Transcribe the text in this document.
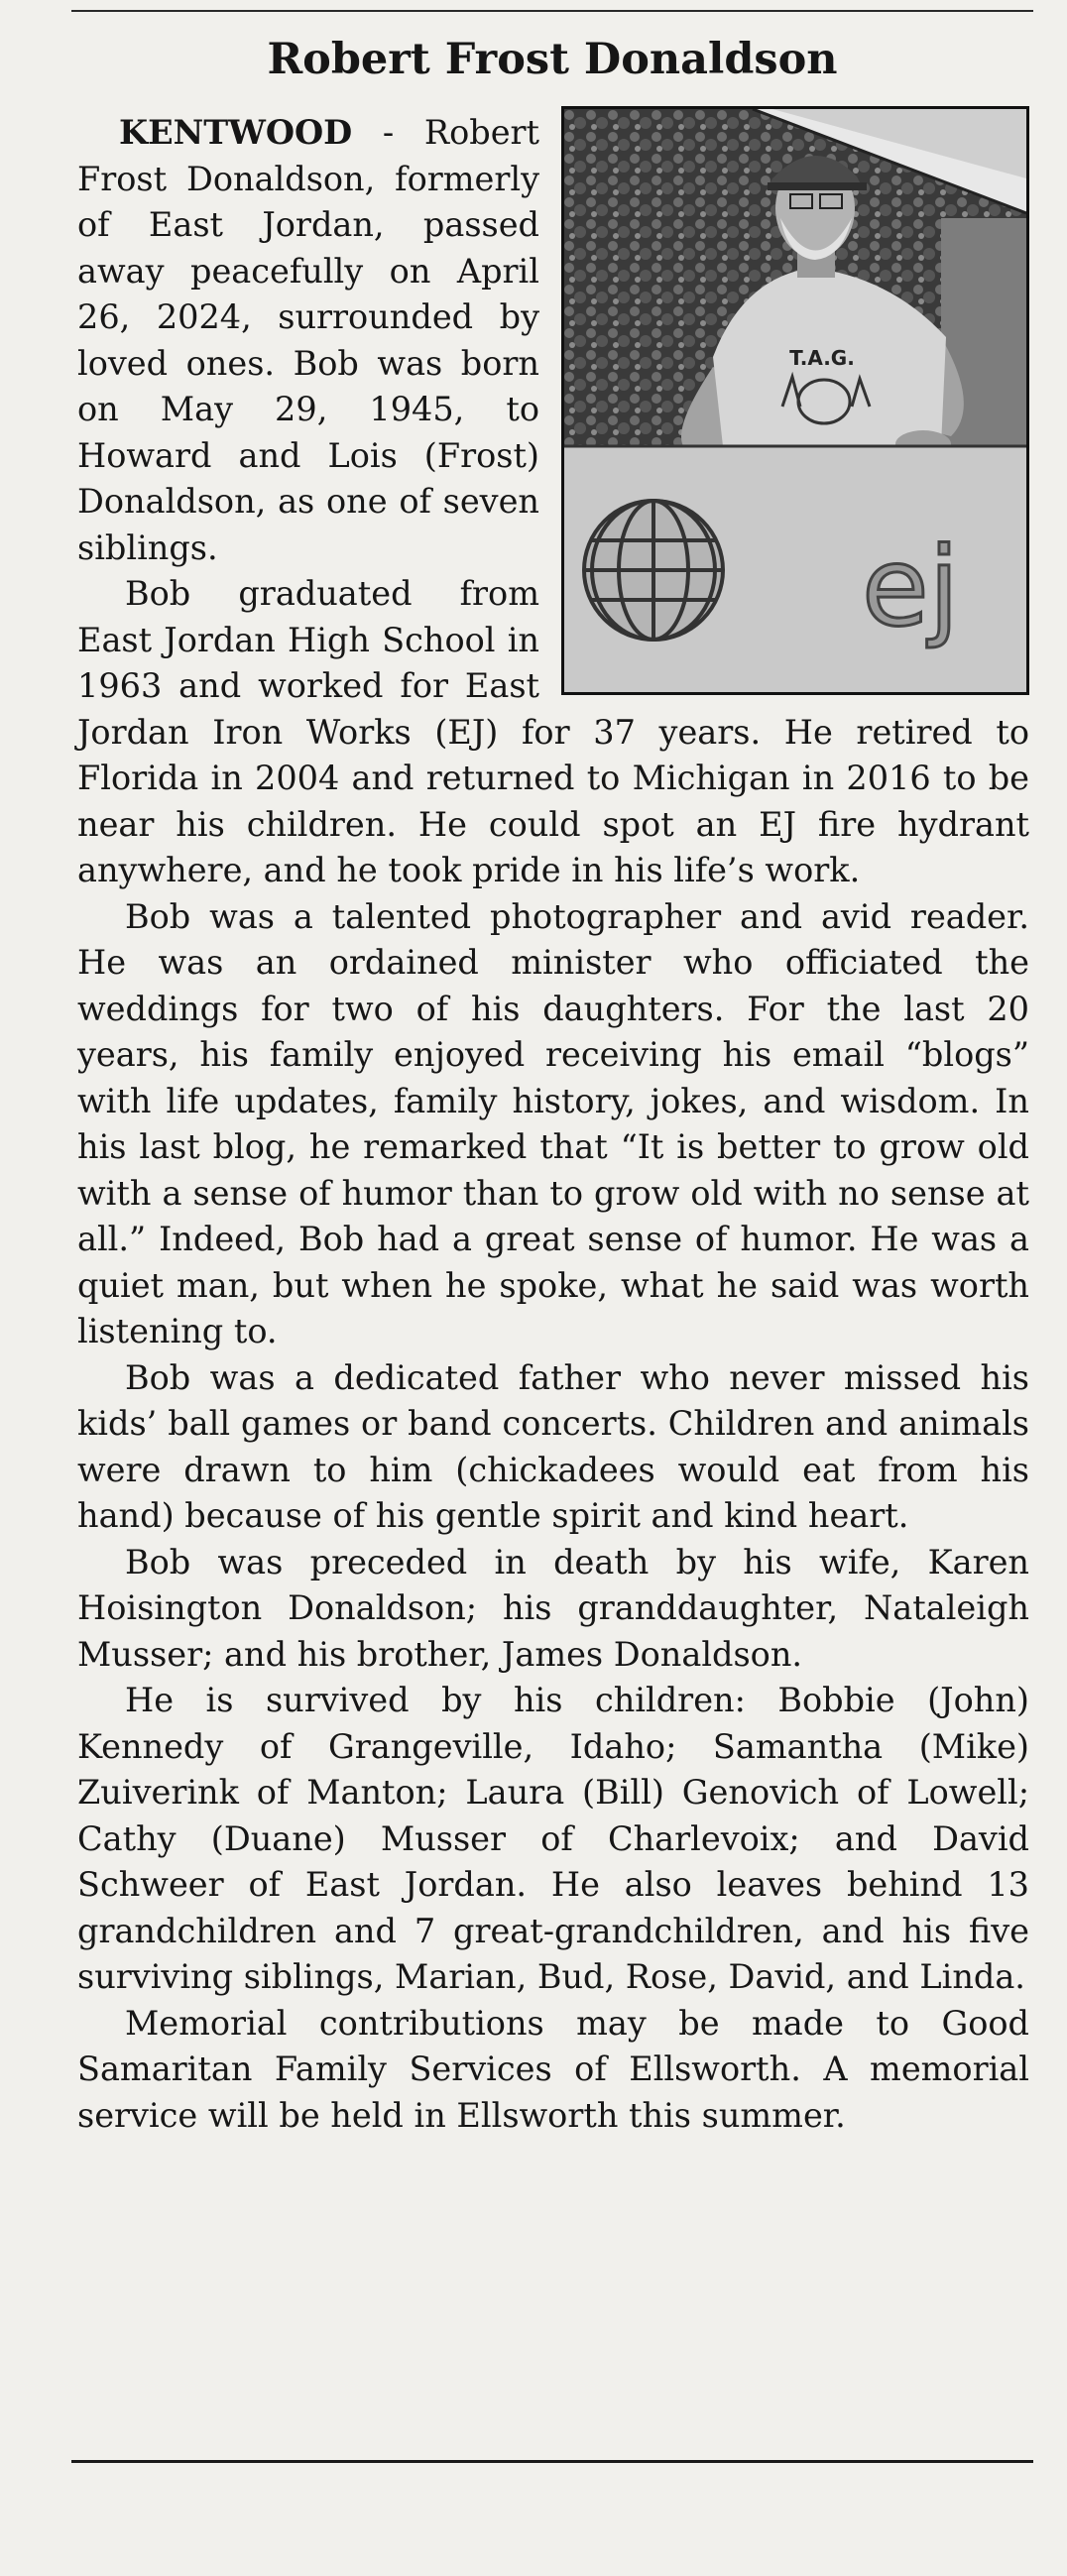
Robert Frost Donaldson
T.A.G.
ej

KENTWOOD - Robert Frost Donaldson, formerly of East Jordan, passed away peacefully on April 26, 2024, surrounded by loved ones. Bob was born on May 29, 1945, to Howard and Lois (Frost) Donaldson, as one of seven siblings.

Bob graduated from East Jordan High School in 1963 and worked for East Jordan Iron Works (EJ) for 37 years. He retired to Florida in 2004 and returned to Michigan in 2016 to be near his children. He could spot an EJ fire hydrant anywhere, and he took pride in his life’s work.

Bob was a talented photographer and avid reader. He was an ordained minister who officiated the weddings for two of his daughters. For the last 20 years, his family enjoyed receiving his email “blogs” with life updates, family history, jokes, and wisdom. In his last blog, he remarked that “It is better to grow old with a sense of humor than to grow old with no sense at all.” Indeed, Bob had a great sense of humor. He was a quiet man, but when he spoke, what he said was worth listening to.

Bob was a dedicated father who never missed his kids’ ball games or band concerts. Children and animals were drawn to him (chickadees would eat from his hand) because of his gentle spirit and kind heart.

Bob was preceded in death by his wife, Karen Hoisington Donaldson; his granddaughter, Nataleigh Musser; and his brother, James Donaldson.

He is survived by his children: Bobbie (John) Kennedy of Grangeville, Idaho; Samantha (Mike) Zuiverink of Manton; Laura (Bill) Genovich of Lowell; Cathy (Duane) Musser of Charlevoix; and David Schweer of East Jordan. He also leaves behind 13 grandchildren and 7 great-grandchildren, and his five surviving siblings, Marian, Bud, Rose, David, and Linda.

Memorial contributions may be made to Good Samaritan Family Services of Ellsworth. A memorial service will be held in Ellsworth this summer.
